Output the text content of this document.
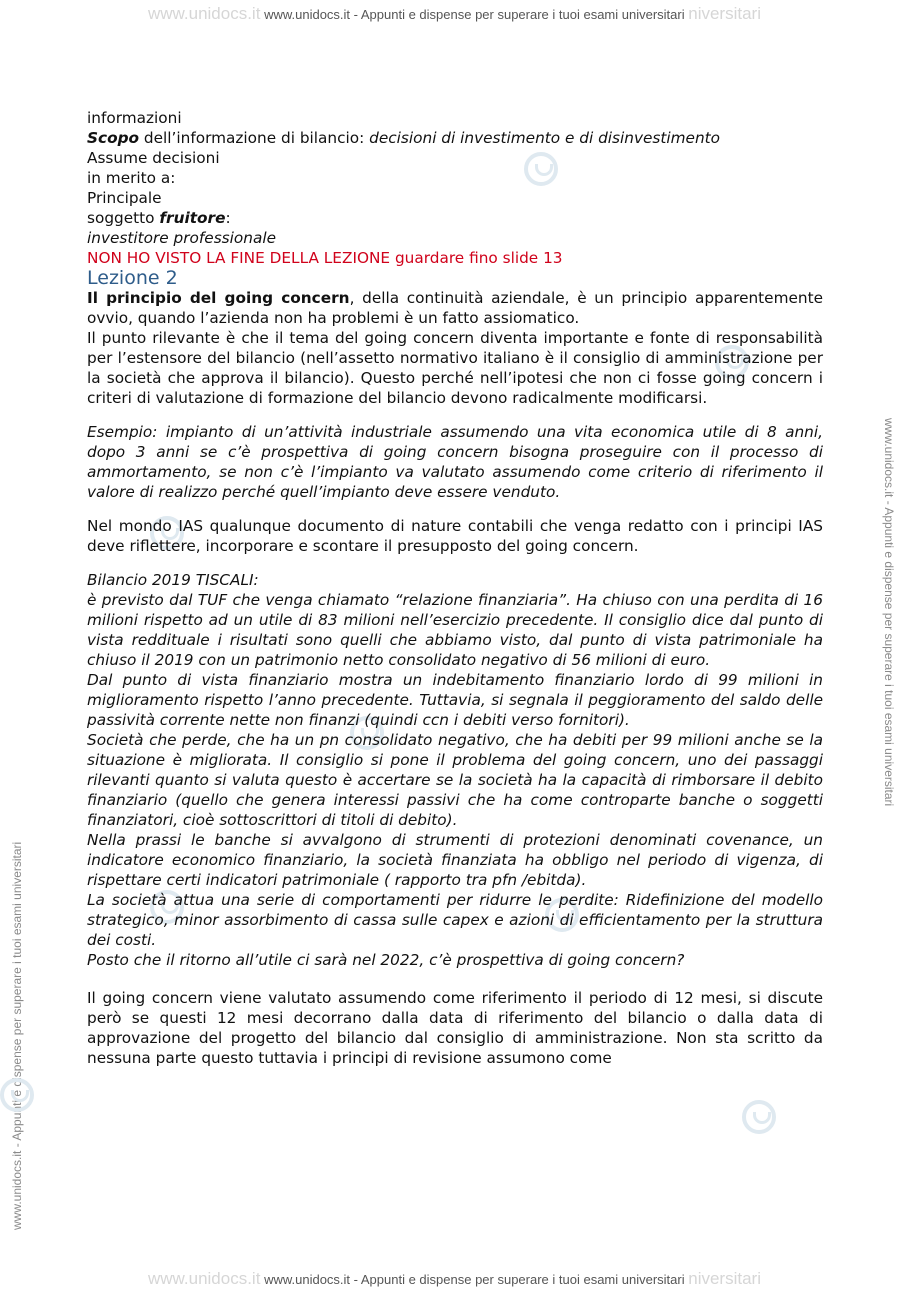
www.unidocs.it www.unidocs.it - Appunti e dispense per superare i tuoi esami universitari niversitari
www.unidocs.it www.unidocs.it - Appunti e dispense per superare i tuoi esami universitari niversitari
www.unidocs.it - Appunti e dispense per superare i tuoi esami universitari
www.unidocs.it - Appunti e dispense per superare i tuoi esami universitari

informazioni

Scopo dell’informazione di bilancio: decisioni di investimento e di disinvestimento

Assume decisioni

in merito a:

Principale

soggetto fruitore:

investitore professionale

NON HO VISTO LA FINE DELLA LEZIONE guardare fino slide 13

Lezione 2

Il principio del going concern, della continuità aziendale, è un principio apparentemente ovvio, quando l’azienda non ha problemi è un fatto assiomatico.

Il punto rilevante è che il tema del going concern diventa importante e fonte di responsabilità per l’estensore del bilancio (nell’assetto normativo italiano è il consiglio di amministrazione per la società che approva il bilancio). Questo perché nell’ipotesi che non ci fosse going concern i criteri di valutazione di formazione del bilancio devono radicalmente modificarsi.

Esempio: impianto di un’attività industriale assumendo una vita economica utile di 8 anni, dopo 3 anni se c’è prospettiva di going concern bisogna proseguire con il processo di ammortamento, se non c’è l’impianto va valutato assumendo come criterio di riferimento il valore di realizzo perché quell’impianto deve essere venduto.

Nel mondo IAS qualunque documento di nature contabili che venga redatto con i principi IAS deve riflettere, incorporare e scontare il presupposto del going concern.

Bilancio 2019 TISCALI:

è previsto dal TUF che venga chiamato “relazione finanziaria”. Ha chiuso con una perdita di 16 milioni rispetto ad un utile di 83 milioni nell’esercizio precedente. Il consiglio dice dal punto di vista reddituale i risultati sono quelli che abbiamo visto, dal punto di vista patrimoniale ha chiuso il 2019 con un patrimonio netto consolidato negativo di 56 milioni di euro.

Dal punto di vista finanziario mostra un indebitamento finanziario lordo di 99 milioni in miglioramento rispetto l’anno precedente. Tuttavia, si segnala il peggioramento del saldo delle passività corrente nette non finanzi (quindi ccn i debiti verso fornitori).

Società che perde, che ha un pn consolidato negativo, che ha debiti per 99 milioni anche se la situazione è migliorata. Il consiglio si pone il problema del going concern, uno dei passaggi rilevanti quanto si valuta questo è accertare se la società ha la capacità di rimborsare il debito finanziario (quello che genera interessi passivi che ha come controparte banche o soggetti finanziatori, cioè sottoscrittori di titoli di debito).

Nella prassi le banche si avvalgono di strumenti di protezioni denominati covenance, un indicatore economico finanziario, la società finanziata ha obbligo nel periodo di vigenza, di rispettare certi indicatori patrimoniale ( rapporto tra pfn /ebitda).

La società attua una serie di comportamenti per ridurre le perdite: Ridefinizione del modello strategico, minor assorbimento di cassa sulle capex e azioni di efficientamento per la struttura dei costi.

Posto che il ritorno all’utile ci sarà nel 2022, c’è prospettiva di going concern?

Il going concern viene valutato assumendo come riferimento il periodo di 12 mesi, si discute però se questi 12 mesi decorrano dalla data di riferimento del bilancio o dalla data di approvazione del progetto del bilancio dal consiglio di amministrazione. Non sta scritto da nessuna parte questo tuttavia i principi di revisione assumono come
